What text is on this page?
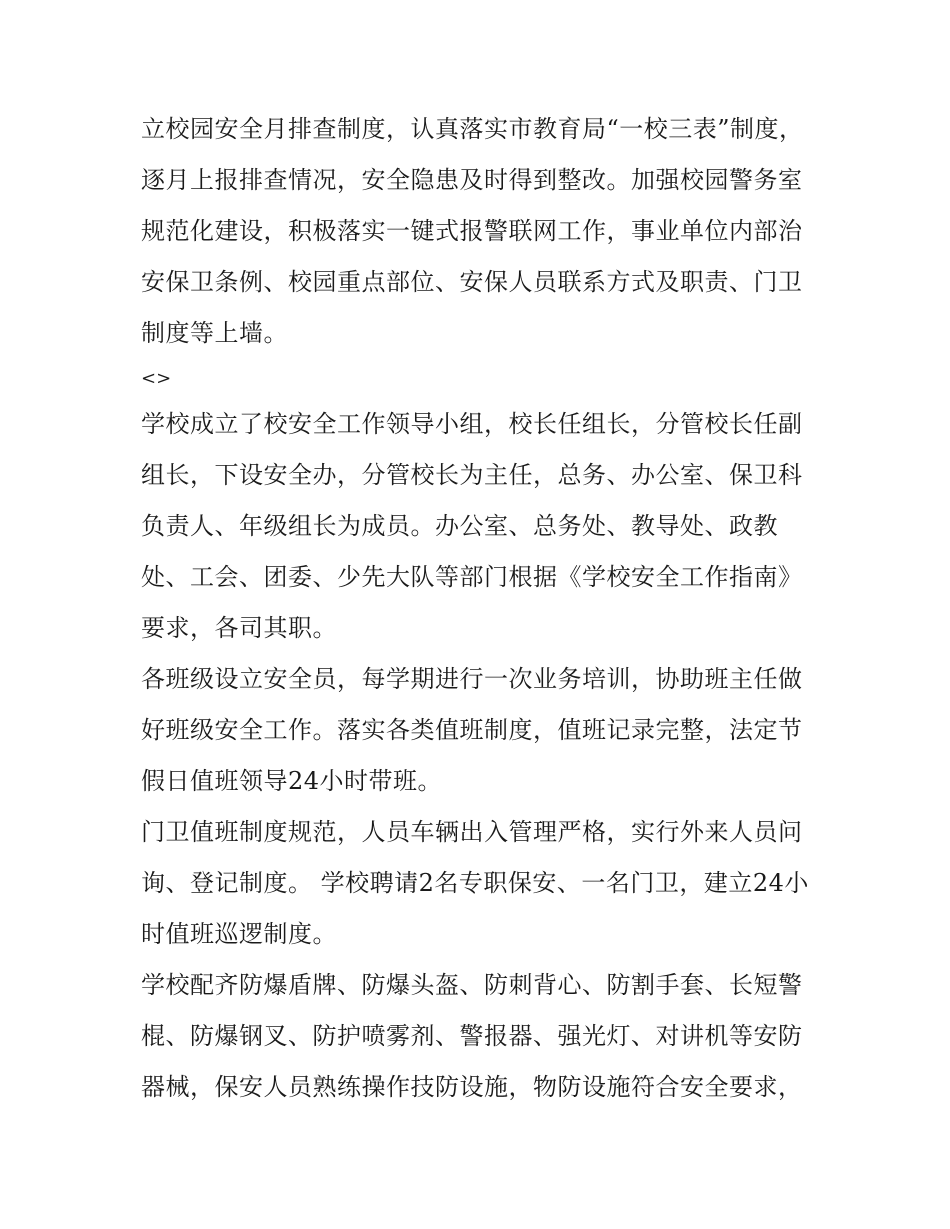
立校园安全月排查制度，认真落实市教育局“一校三表”制度，逐月上报排查情况，安全隐患及时得到整改。加强校园警务室规范化建设，积极落实一键式报警联网工作，事业单位内部治安保卫条例、校园重点部位、安保人员联系方式及职责、门卫制度等上墙。

<>

学校成立了校安全工作领导小组，校长任组长，分管校长任副组长，下设安全办，分管校长为主任，总务、办公室、保卫科负责人、年级组长为成员。办公室、总务处、教导处、政教处、工会、团委、少先大队等部门根据《学校安全工作指南》要求，各司其职。

各班级设立安全员，每学期进行一次业务培训，协助班主任做好班级安全工作。落实各类值班制度，值班记录完整，法定节假日值班领导24小时带班。

门卫值班制度规范，人员车辆出入管理严格，实行外来人员问询、登记制度。 学校聘请2名专职保安、一名门卫，建立24小时值班巡逻制度。

学校配齐防爆盾牌、防爆头盔、防刺背心、防割手套、长短警棍、防爆钢叉、防护喷雾剂、警报器、强光灯、对讲机等安防器械，保安人员熟练操作技防设施，物防设施符合安全要求，
